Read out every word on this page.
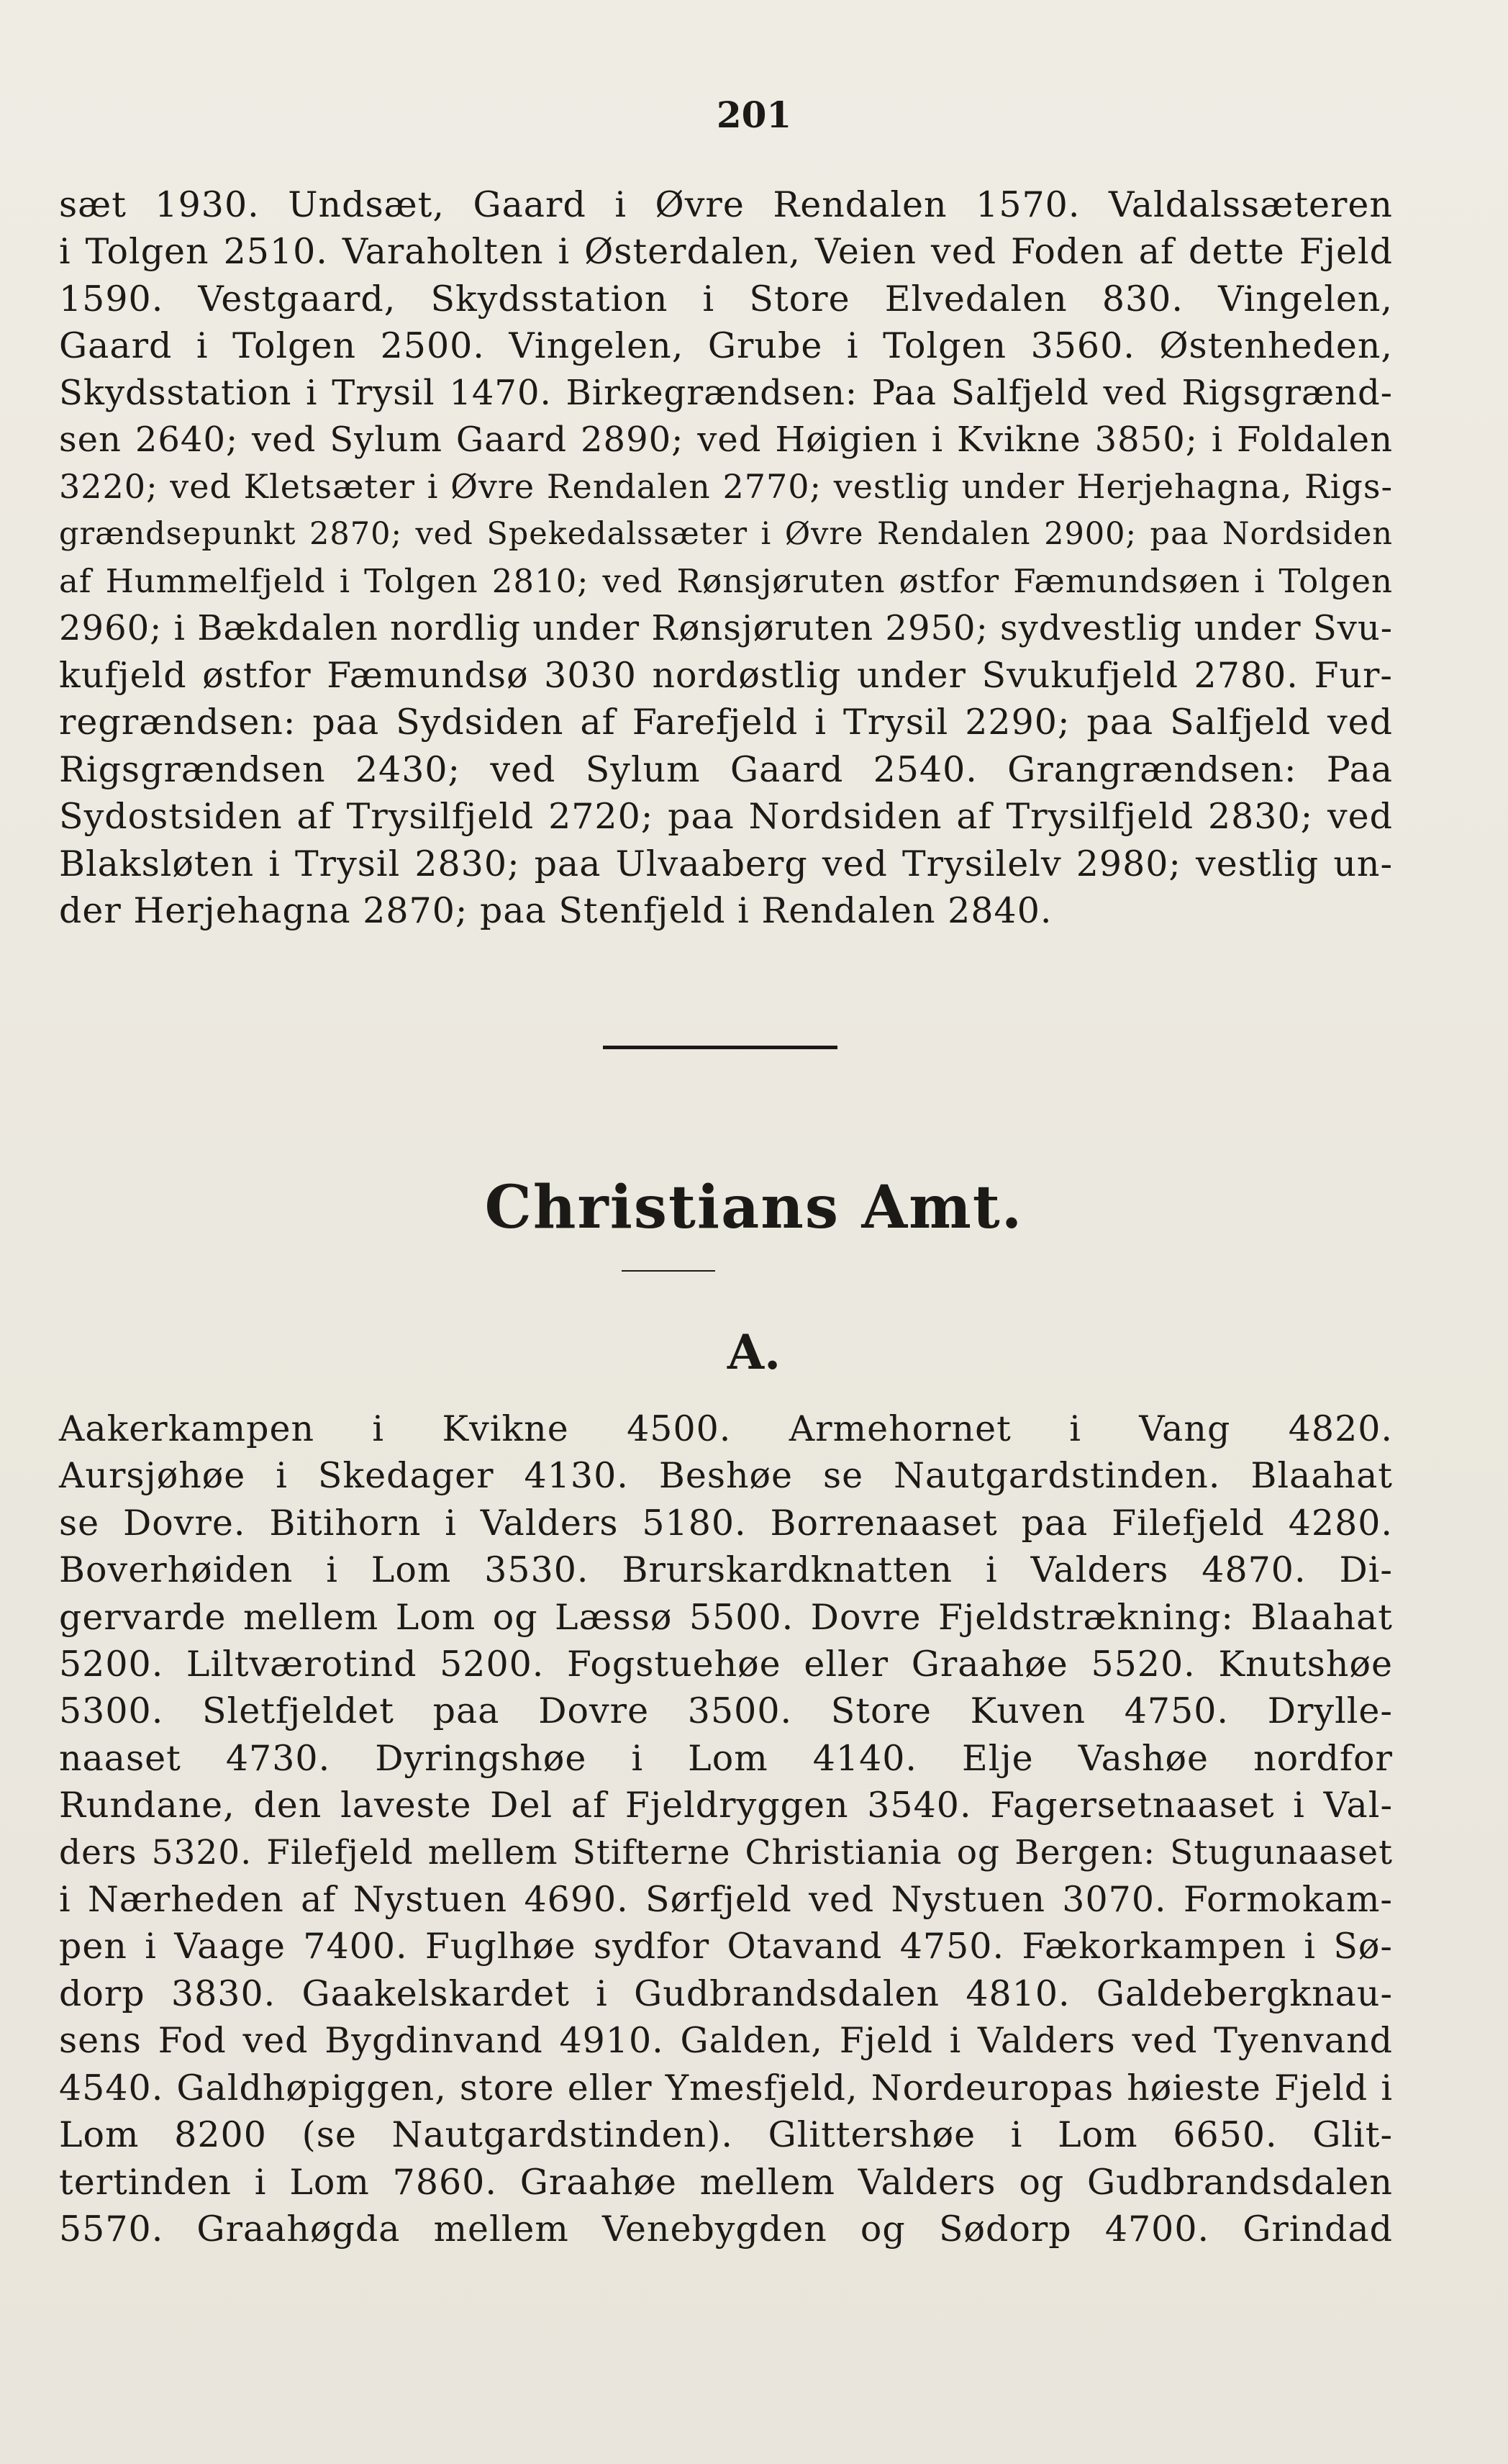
201
sæt 1930. Undsæt, Gaard i Øvre Rendalen 1570. Valdalssæteren
i Tolgen 2510. Varaholten i Østerdalen, Veien ved Foden af dette Fjeld
1590. Vestgaard, Skydsstation i Store Elvedalen 830. Vingelen,
Gaard i Tolgen 2500. Vingelen, Grube i Tolgen 3560. Østenheden,
Skydsstation i Trysil 1470. Birkegrændsen: Paa Salfjeld ved Rigsgrænd-
sen 2640; ved Sylum Gaard 2890; ved Høigien i Kvikne 3850; i Foldalen
3220; ved Kletsæter i Øvre Rendalen 2770; vestlig under Herjehagna, Rigs-
grændsepunkt 2870; ved Spekedalssæter i Øvre Rendalen 2900; paa Nordsiden
af Hummelfjeld i Tolgen 2810; ved Rønsjøruten østfor Fæmundsøen i Tolgen
2960; i Bækdalen nordlig under Rønsjøruten 2950; sydvestlig under Svu-
kufjeld østfor Fæmundsø 3030 nordøstlig under Svukufjeld 2780. Fur-
regrændsen: paa Sydsiden af Farefjeld i Trysil 2290; paa Salfjeld ved
Rigsgrændsen 2430; ved Sylum Gaard 2540. Grangrændsen: Paa
Sydostsiden af Trysilfjeld 2720; paa Nordsiden af Trysilfjeld 2830; ved
Blaksløten i Trysil 2830; paa Ulvaaberg ved Trysilelv 2980; vestlig un-
der Herjehagna 2870; paa Stenfjeld i Rendalen 2840.
Christians Amt.
A.
Aakerkampen i Kvikne 4500. Armehornet i Vang 4820.
Aursjøhøe i Skedager 4130. Beshøe se Nautgardstinden. Blaahat
se Dovre. Bitihorn i Valders 5180. Borrenaaset paa Filefjeld 4280.
Boverhøiden i Lom 3530. Brurskardknatten i Valders 4870. Di-
gervarde mellem Lom og Læssø 5500. Dovre Fjeldstrækning: Blaahat
5200. Liltværotind 5200. Fogstuehøe eller Graahøe 5520. Knutshøe
5300. Sletfjeldet paa Dovre 3500. Store Kuven 4750. Drylle-
naaset 4730. Dyringshøe i Lom 4140. Elje Vashøe nordfor
Rundane, den laveste Del af Fjeldryggen 3540. Fagersetnaaset i Val-
ders 5320. Filefjeld mellem Stifterne Christiania og Bergen: Stugunaaset
i Nærheden af Nystuen 4690. Sørfjeld ved Nystuen 3070. Formokam-
pen i Vaage 7400. Fuglhøe sydfor Otavand 4750. Fækorkampen i Sø-
dorp 3830. Gaakelskardet i Gudbrandsdalen 4810. Galdebergknau-
sens Fod ved Bygdinvand 4910. Galden, Fjeld i Valders ved Tyenvand
4540. Galdhøpiggen, store eller Ymesfjeld, Nordeuropas høieste Fjeld i
Lom 8200 (se Nautgardstinden). Glittershøe i Lom 6650. Glit-
tertinden i Lom 7860. Graahøe mellem Valders og Gudbrandsdalen
5570. Graahøgda mellem Venebygden og Sødorp 4700. Grindad
